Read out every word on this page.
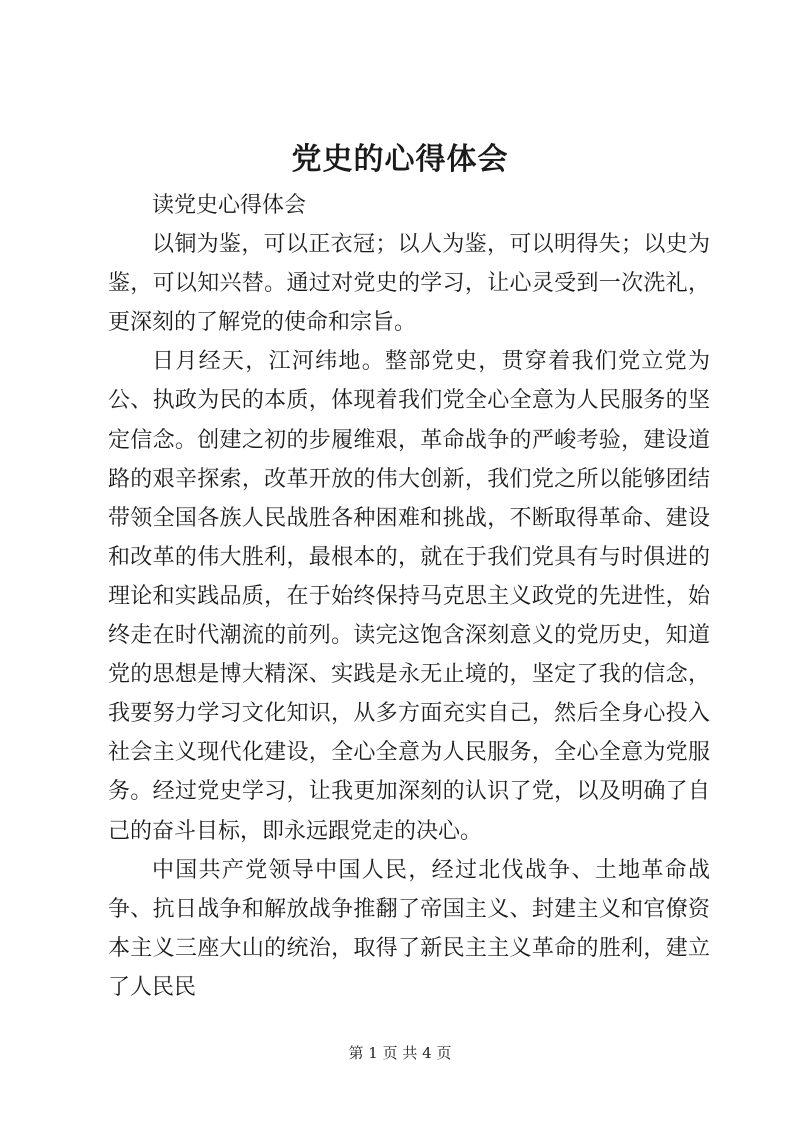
党史的心得体会

读党史心得体会

以铜为鉴，可以正衣冠；以人为鉴，可以明得失；以史为鉴，可以知兴替。通过对党史的学习，让心灵受到一次洗礼，更深刻的了解党的使命和宗旨。

日月经天，江河纬地。整部党史，贯穿着我们党立党为公、执政为民的本质，体现着我们党全心全意为人民服务的坚定信念。创建之初的步履维艰，革命战争的严峻考验，建设道路的艰辛探索，改革开放的伟大创新，我们党之所以能够团结带领全国各族人民战胜各种困难和挑战，不断取得革命、建设和改革的伟大胜利，最根本的，就在于我们党具有与时俱进的理论和实践品质，在于始终保持马克思主义政党的先进性，始终走在时代潮流的前列。读完这饱含深刻意义的党历史，知道党的思想是博大精深、实践是永无止境的，坚定了我的信念，我要努力学习文化知识，从多方面充实自己，然后全身心投入社会主义现代化建设，全心全意为人民服务，全心全意为党服务。经过党史学习，让我更加深刻的认识了党，以及明确了自己的奋斗目标，即永远跟党走的决心。

中国共产党领导中国人民，经过北伐战争、土地革命战争、抗日战争和解放战争推翻了帝国主义、封建主义和官僚资本主义三座大山的统治，取得了新民主主义革命的胜利，建立了人民民

第 1 页 共 4 页
